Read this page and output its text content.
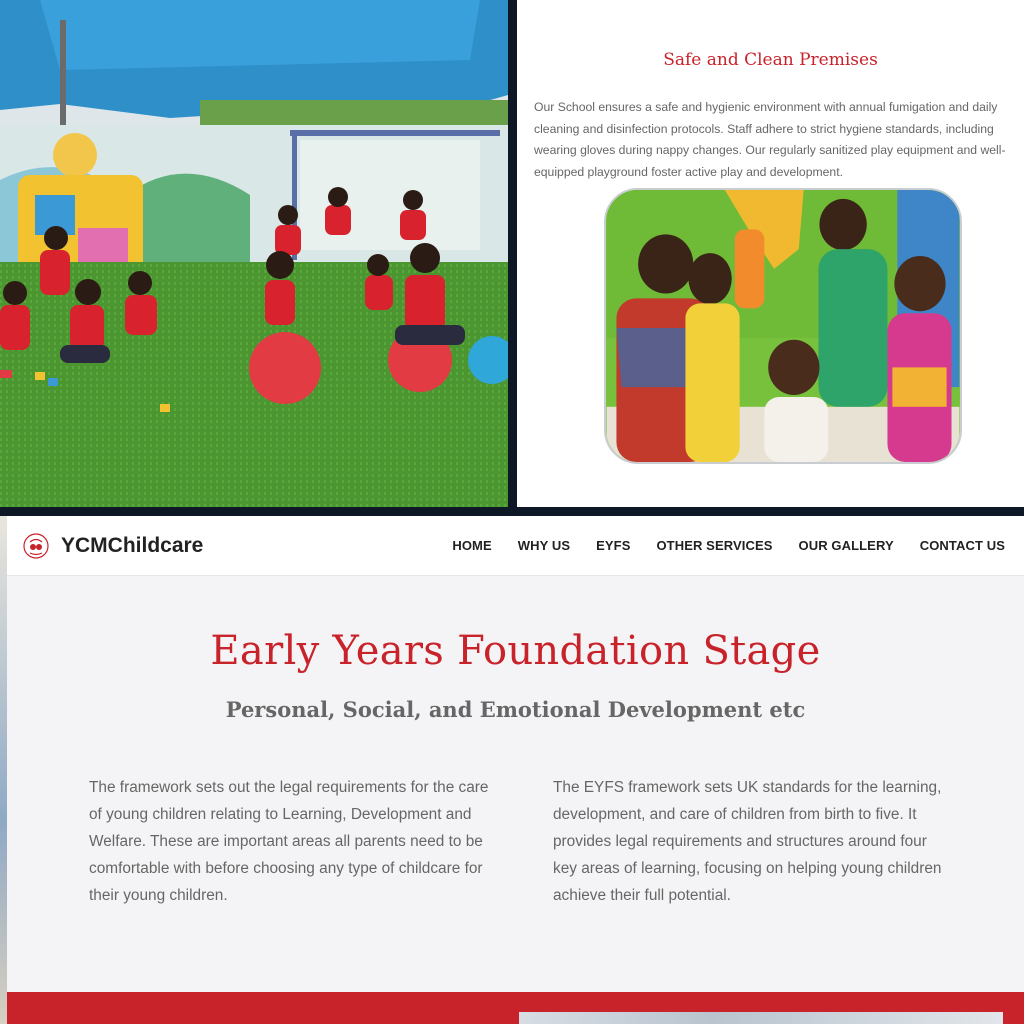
Safe and Clean Premises

Our School ensures a safe and hygienic environment with annual fumigation and daily cleaning and disinfection protocols. Staff adhere to strict hygiene standards, including wearing gloves during nappy changes. Our regularly sanitized play equipment and well-equipped playground foster active play and development.

YCMChildcare	HOME WHY US EYFS OTHER SERVICES OUR GALLERY CONTACT US
Early Years Foundation Stage
Personal, Social, and Emotional Development etc

The framework sets out the legal requirements for the care of young children relating to Learning, Development and Welfare. These are important areas all parents need to be comfortable with before choosing any type of childcare for their young children.

The EYFS framework sets UK standards for the learning, development, and care of children from birth to five. It provides legal requirements and structures around four key areas of learning, focusing on helping young children achieve their full potential.
